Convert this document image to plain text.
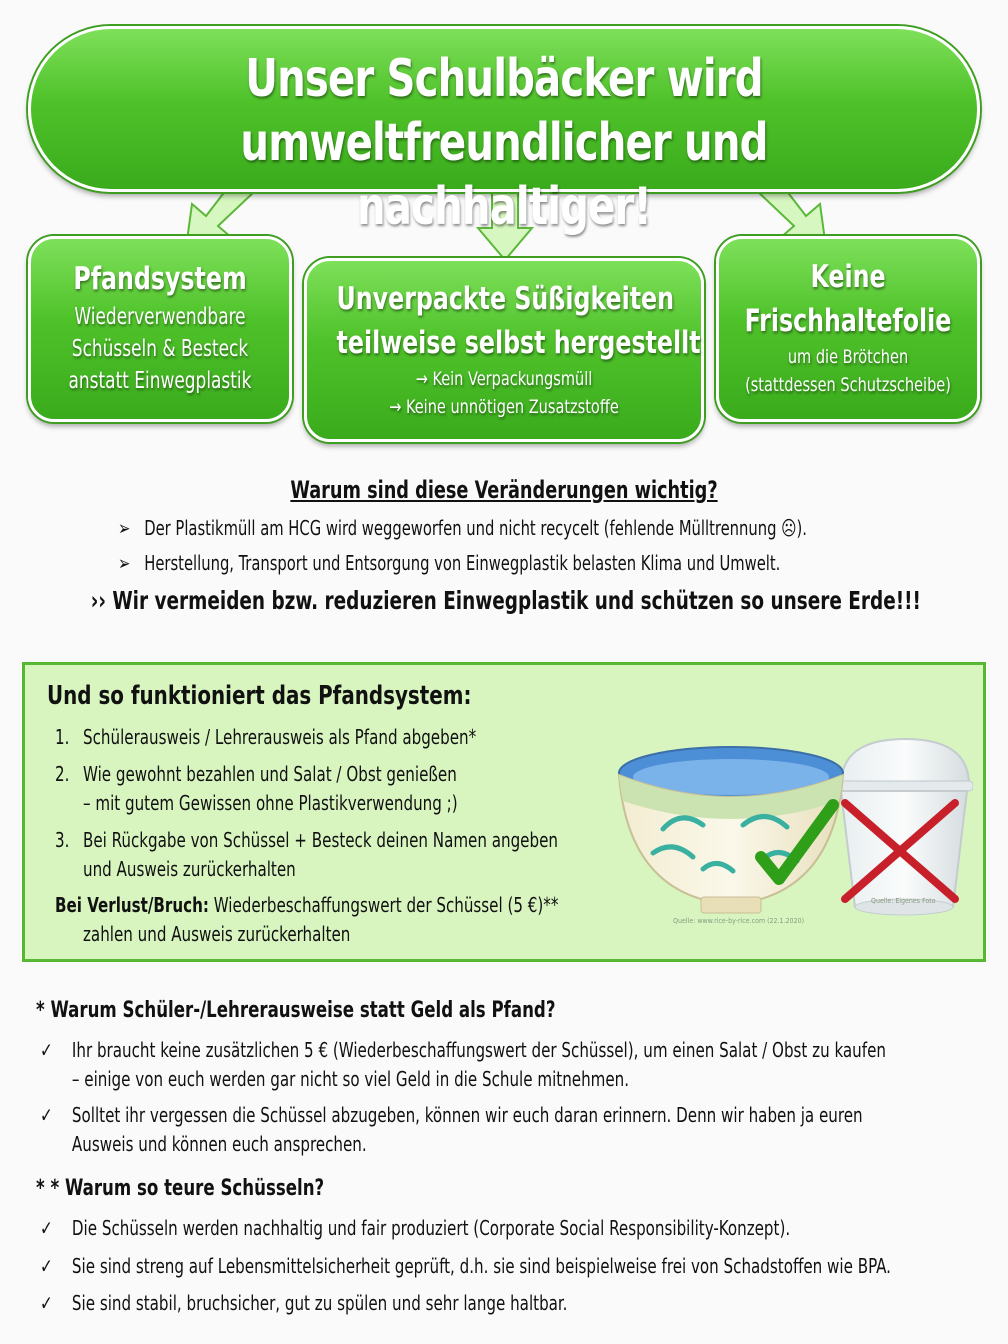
Unser Schulbäcker wird
umweltfreundlicher und nachhaltiger!
Pfandsystem
Wiederverwendbare
Schüsseln & Besteck
anstatt Einwegplastik
Unverpackte Süßigkeiten
teilweise selbst hergestellt
→ Kein Verpackungsmüll
→ Keine unnötigen Zusatzstoffe
Keine
Frischhaltefolie
um die Brötchen
(stattdessen Schutzscheibe)
Warum sind diese Veränderungen wichtig?
➢ Der Plastikmüll am HCG wird weggeworfen und nicht recycelt (fehlende Mülltrennung ☹).
➢ Herstellung, Transport und Entsorgung von Einwegplastik belasten Klima und Umwelt.
›› Wir vermeiden bzw. reduzieren Einwegplastik und schützen so unsere Erde!!!
Und so funktioniert das Pfandsystem:
1. Schülerausweis / Lehrerausweis als Pfand abgeben*
2. Wie gewohnt bezahlen und Salat / Obst genießen
– mit gutem Gewissen ohne Plastikverwendung ;)
3. Bei Rückgabe von Schüssel + Besteck deinen Namen angeben
und Ausweis zurückerhalten
Bei Verlust/Bruch: Wiederbeschaffungswert der Schüssel (5 €)**
zahlen und Ausweis zurückerhalten
Quelle: www.rice-by-rice.com (22.1.2020)
Quelle: Eigenes Foto
* Warum Schüler-/Lehrerausweise statt Geld als Pfand?
✓ Ihr braucht keine zusätzlichen 5 € (Wiederbeschaffungswert der Schüssel), um einen Salat / Obst zu kaufen
– einige von euch werden gar nicht so viel Geld in die Schule mitnehmen.
✓ Solltet ihr vergessen die Schüssel abzugeben, können wir euch daran erinnern. Denn wir haben ja euren
Ausweis und können euch ansprechen.
* * Warum so teure Schüsseln?
✓ Die Schüsseln werden nachhaltig und fair produziert (Corporate Social Responsibility-Konzept).
✓ Sie sind streng auf Lebensmittelsicherheit geprüft, d.h. sie sind beispielweise frei von Schadstoffen wie BPA.
✓ Sie sind stabil, bruchsicher, gut zu spülen und sehr lange haltbar.
